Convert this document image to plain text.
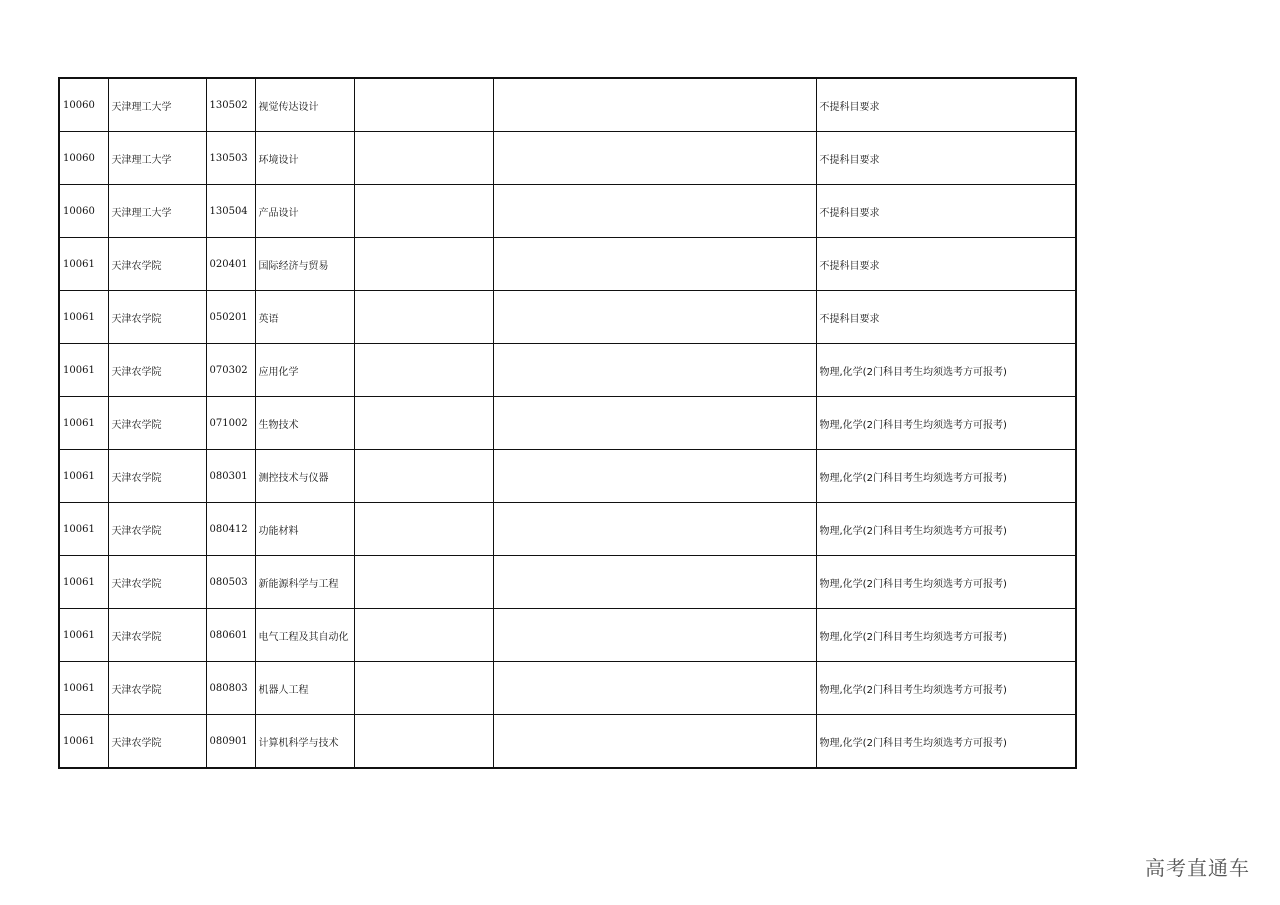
10060	天津理工大学	130502	视觉传达设计			不提科目要求
10060	天津理工大学	130503	环境设计			不提科目要求
10060	天津理工大学	130504	产品设计			不提科目要求
10061	天津农学院	020401	国际经济与贸易			不提科目要求
10061	天津农学院	050201	英语			不提科目要求
10061	天津农学院	070302	应用化学			物理,化学(2门科目考生均须选考方可报考)
10061	天津农学院	071002	生物技术			物理,化学(2门科目考生均须选考方可报考)
10061	天津农学院	080301	测控技术与仪器			物理,化学(2门科目考生均须选考方可报考)
10061	天津农学院	080412	功能材料			物理,化学(2门科目考生均须选考方可报考)
10061	天津农学院	080503	新能源科学与工程			物理,化学(2门科目考生均须选考方可报考)
10061	天津农学院	080601	电气工程及其自动化			物理,化学(2门科目考生均须选考方可报考)
10061	天津农学院	080803	机器人工程			物理,化学(2门科目考生均须选考方可报考)
10061	天津农学院	080901	计算机科学与技术			物理,化学(2门科目考生均须选考方可报考)
高考直通车
